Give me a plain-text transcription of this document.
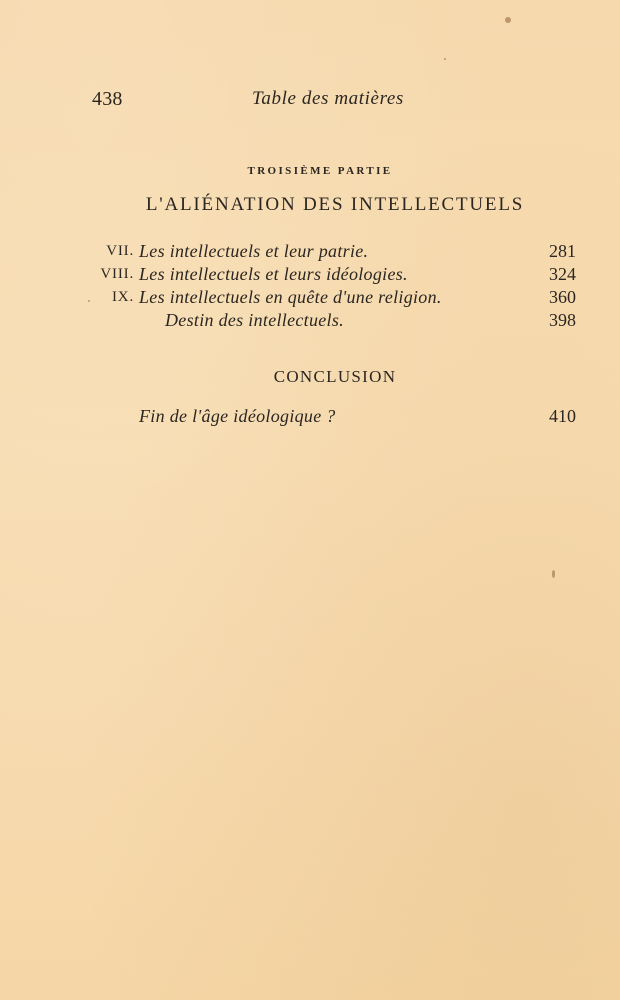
438	Table des matières
TROISIÈME PARTIE
L'ALIÉNATION DES INTELLECTUELS
VII. Les intellectuels et leur patrie.	281
VIII. Les intellectuels et leurs idéologies.	324
IX. Les intellectuels en quête d'une religion.	360
Destin des intellectuels.	398
CONCLUSION
Fin de l'âge idéologique ?	410
